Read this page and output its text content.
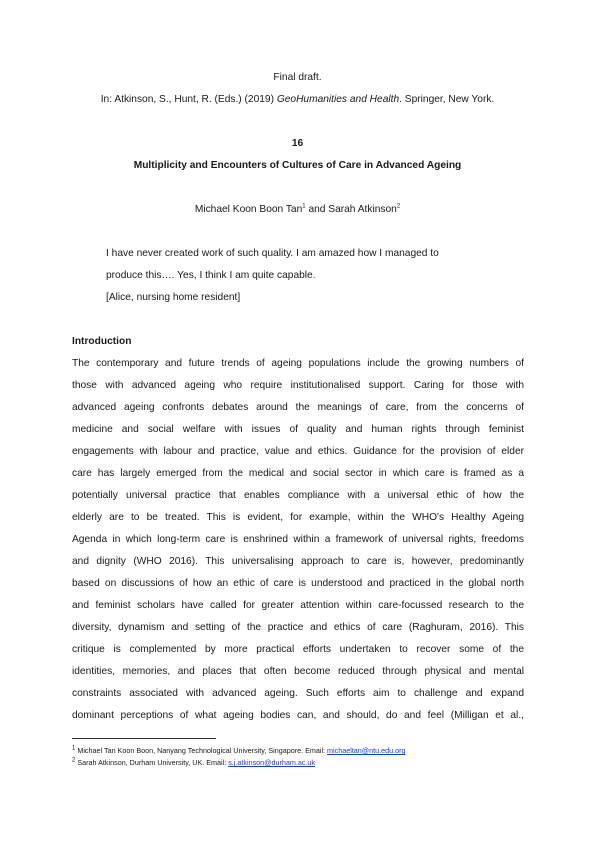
Final draft.
In: Atkinson, S., Hunt, R. (Eds.) (2019) GeoHumanities and Health. Springer, New York.
16
Multiplicity and Encounters of Cultures of Care in Advanced Ageing
Michael Koon Boon Tan$^1$ and Sarah Atkinson$^2$
I have never created work of such quality. I am amazed how I managed to
produce this…. Yes, I think I am quite capable.
[Alice, nursing home resident]
Introduction
The contemporary and future trends of ageing populations include the growing numbers of
those with advanced ageing who require institutionalised support. Caring for those with
advanced ageing confronts debates around the meanings of care, from the concerns of
medicine and social welfare with issues of quality and human rights through feminist
engagements with labour and practice, value and ethics. Guidance for the provision of elder
care has largely emerged from the medical and social sector in which care is framed as a
potentially universal practice that enables compliance with a universal ethic of how the
elderly are to be treated. This is evident, for example, within the WHO's Healthy Ageing
Agenda in which long-term care is enshrined within a framework of universal rights, freedoms
and dignity (WHO 2016). This universalising approach to care is, however, predominantly
based on discussions of how an ethic of care is understood and practiced in the global north
and feminist scholars have called for greater attention within care-focussed research to the
diversity, dynamism and setting of the practice and ethics of care (Raghuram, 2016). This
critique is complemented by more practical efforts undertaken to recover some of the
identities, memories, and places that often become reduced through physical and mental
constraints associated with advanced ageing. Such efforts aim to challenge and expand
dominant perceptions of what ageing bodies can, and should, do and feel (Milligan et al.,
$^1$ Michael Tan Koon Boon, Nanyang Technological University, Singapore. Email: michaeltan@ntu.edu.org
$^2$ Sarah Atkinson, Durham University, UK. Email: s.j.atkinson@durham.ac.uk
